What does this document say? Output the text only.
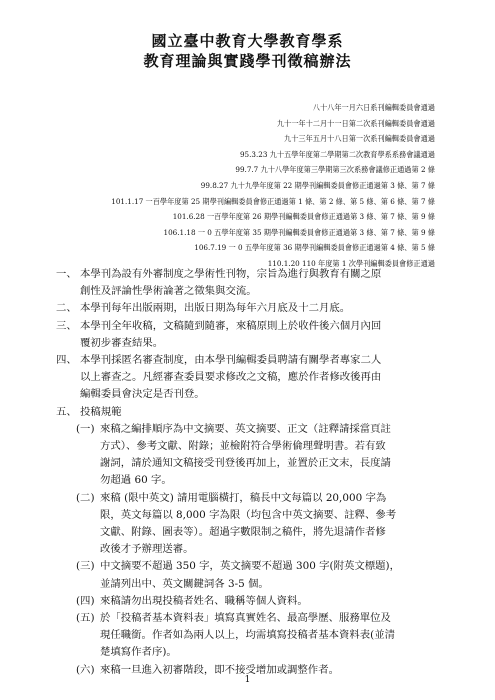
國立臺中教育大學教育學系
教育理論與實踐學刊徵稿辦法
八十八年一月六日系刊編輯委員會通過
九十一年十二月十一日第二次系刊編輯委員會通過
九十三年五月十八日第一次系刊編輯委員會通過
95.3.23 九十五學年度第二學期第二次教育學系系務會議通過
99.7.7 九十八學年度第三學期第三次系務會議修正通過第 2 條
99.8.27 九十九學年度第 22 期學刊編輯委員會修正通過第 3 條、第 7 條
101.1.17 一百學年度第 25 期學刊編輯委員會修正通過第 1 條、第 2 條、第 5 條、第 6 條、第 7 條
101.6.28 一百學年度第 26 期學刊編輯委員會修正通過第 3 條、第 7 條、第 9 條
106.1.18 一 0 五學年度第 35 期學刊編輯委員會修正通過第 3 條、第 7 條、第 9 條
106.7.19 一 0 五學年度第 36 期學刊編輯委員會修正通過第 4 條、第 5 條
110.1.20 110 年度第 1 次學刊編輯委員會修正通過
一、 本學刊為設有外審制度之學術性刊物，宗旨為進行與教育有關之原
創性及評論性學術論著之徵集與交流。
二、 本學刊每年出版兩期，出版日期為每年六月底及十二月底。
三、 本學刊全年收稿，文稿隨到隨審，來稿原則上於收件後六個月內回
覆初步審查結果。
四、 本學刊採匿名審查制度，由本學刊編輯委員聘請有關學者專家二人
以上審查之。凡經審查委員要求修改之文稿，應於作者修改後再由
編輯委員會決定是否刊登。
五、 投稿規範
(一) 來稿之編排順序為中文摘要、英文摘要、正文（註釋請採當頁註
方式）、參考文獻、附錄；並檢附符合學術倫理聲明書。若有致
謝詞，請於通知文稿接受刊登後再加上，並置於正文末，長度請
勿超過 60 字。
(二) 來稿 (限中英文) 請用電腦橫打，稿長中文每篇以 20,000 字為
限，英文每篇以 8,000 字為限（均包含中英文摘要、註釋、參考
文獻、附錄、圖表等）。超過字數限制之稿件，將先退請作者修
改後才予辦理送審。
(三) 中文摘要不超過 350 字，英文摘要不超過 300 字(附英文標題)，
並請列出中、英文關鍵詞各 3-5 個。
(四) 來稿請勿出現投稿者姓名、職稱等個人資料。
(五) 於「投稿者基本資料表」填寫真實姓名、最高學歷、服務單位及
現任職銜。作者如為兩人以上，均需填寫投稿者基本資料表(並清
楚填寫作者序)。
(六) 來稿一旦進入初審階段，即不接受增加或調整作者。
1
